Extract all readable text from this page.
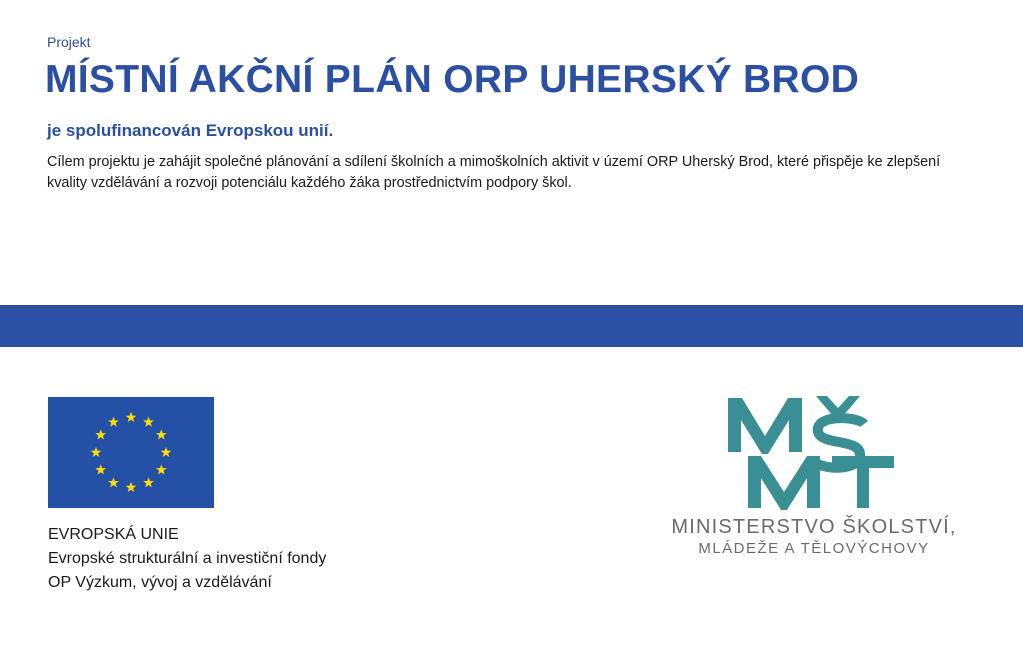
Projekt
MÍSTNÍ AKČNÍ PLÁN ORP UHERSKÝ BROD
je spolufinancován Evropskou unií.

Cílem projektu je zahájit společné plánování a sdílení školních a mimoškolních aktivit v území ORP Uherský Brod, které přispěje ke zlepšení kvality vzdělávání a rozvoji potenciálu každého žáka prostřednictvím podpory škol.

EVROPSKÁ UNIE
Evropské strukturální a investiční fondy
OP Výzkum, vývoj a vzdělávání
MINISTERSTVO ŠKOLSTVÍ,
MLÁDEŽE A TĚLOVÝCHOVY
